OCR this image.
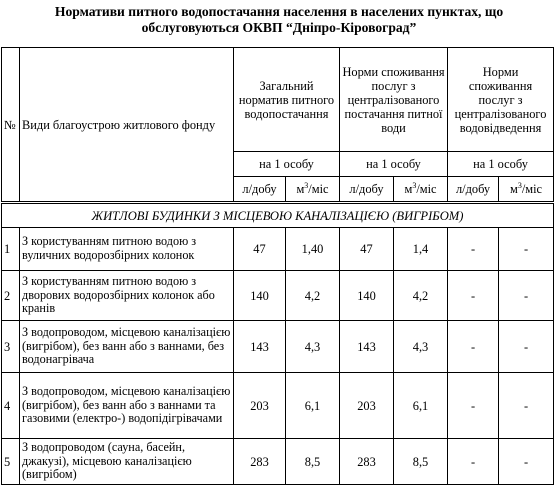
Нормативи питного водопостачання населення в населених пунктах, що
обслуговуються ОКВП “Дніпро-Кіровоград”
№	Види благоустрою житлового фонду	Загальний норматив питного водопостачання		Норми споживання послуг з централізованого постачання питної води		Норми споживання послуг з централізованого водовідведення	
		на 1 особу		на 1 особу		на 1 особу	
		л/добу	$м^3$/міс	л/добу	$м^3$/міс	л/добу	$м^3$/міс
ЖИТЛОВІ БУДИНКИ З МІСЦЕВОЮ КАНАЛІЗАЦІЄЮ (ВИГРІБОМ)							
1	З користуванням питною водою з вуличних водорозбірних колонок	47	1,40	47	1,4	-	-
2	З користуванням питною водою з дворових водорозбірних колонок або кранів	140	4,2	140	4,2	-	-
3	З водопроводом, місцевою каналізацією (вигрібом), без ванн або з ваннами, без водонагрівача	143	4,3	143	4,3	-	-
4	З водопроводом, місцевою каналізацією (вигрібом), без ванн або з ваннами та газовими (електро-) водопідігрівачами	203	6,1	203	6,1	-	-
5	З водопроводом (сауна, басейн, джакузі), місцевою каналізацією (вигрібом)	283	8,5	283	8,5	-	-
